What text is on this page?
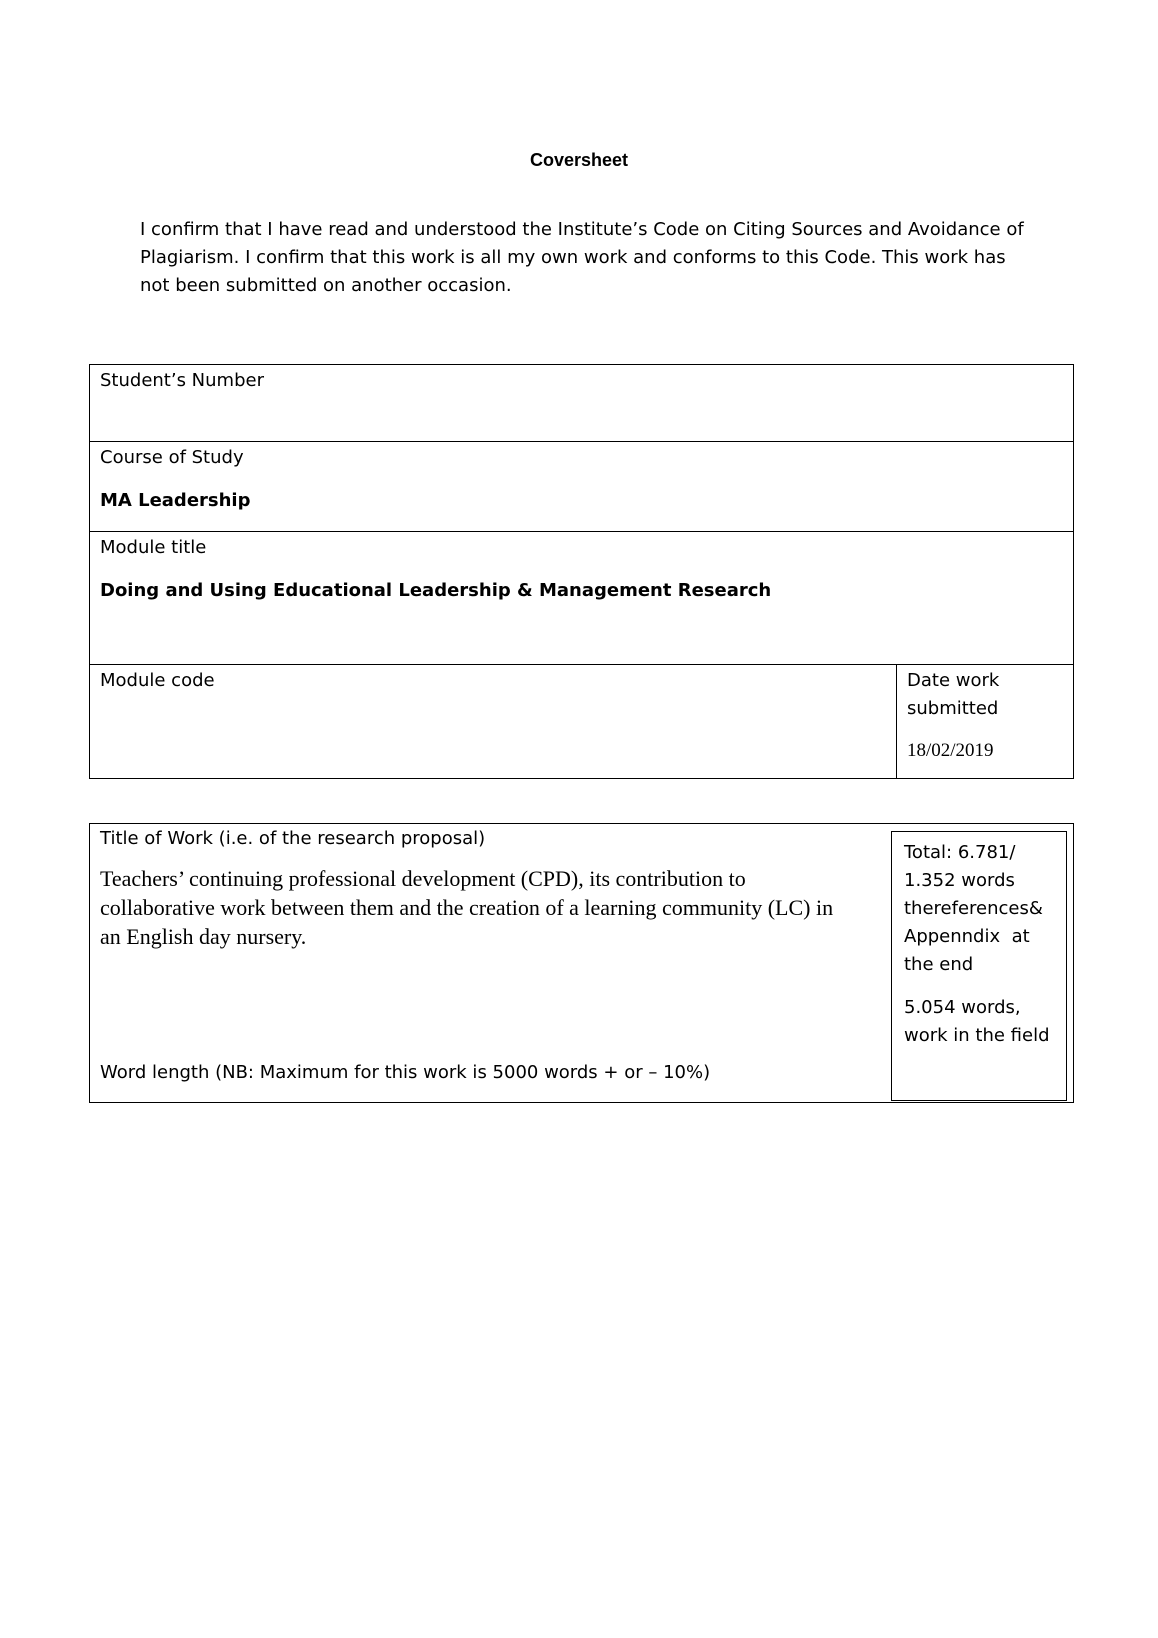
Coversheet
I confirm that I have read and understood the Institute’s Code on Citing Sources and Avoidance of Plagiarism. I confirm that this work is all my own work and conforms to this Code. This work has not been submitted on another occasion.
Student’s Number
Course of Study
MA Leadership
Module title
Doing and Using Educational Leadership & Management Research
Module code	Date work
submitted
18/02/2019
Title of Work (i.e. of the research proposal)
Teachers’ continuing professional development (CPD), its contribution to
collaborative work between them and the creation of a learning community (LC) in
an English day nursery.
Word length (NB: Maximum for this work is 5000 words + or – 10%)
Total: 6.781/
1.352 words
thereferences&
Appenndix  at
the end
5.054 words,
work in the field
